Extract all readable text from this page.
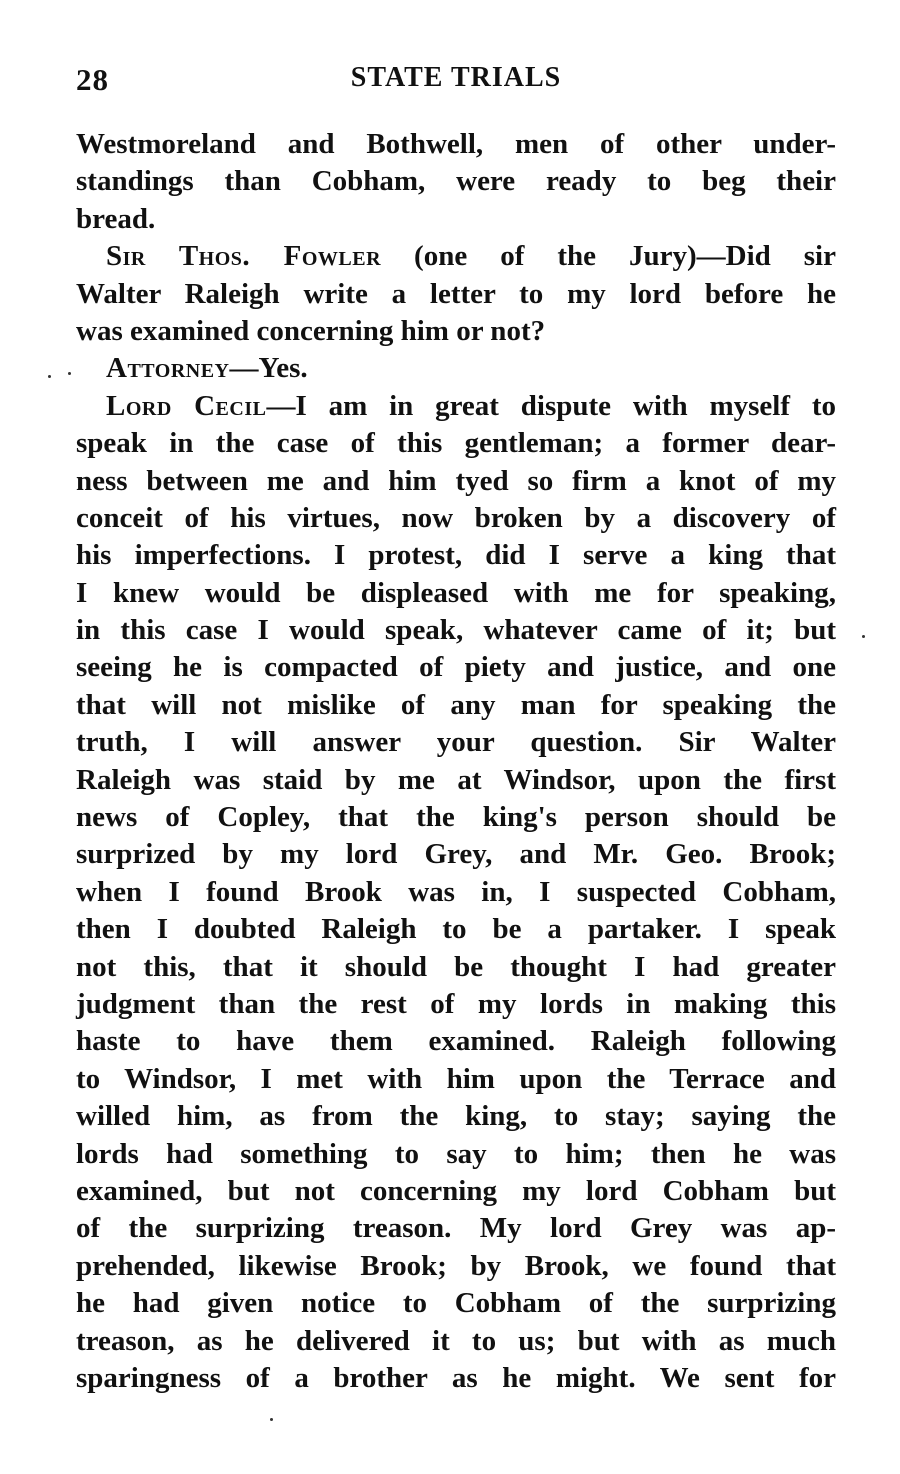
28	STATE TRIALS
Westmoreland and Bothwell, men of other under-
standings than Cobham, were ready to beg their
bread.
Sir Thos. Fowler (one of the Jury)—Did sir
Walter Raleigh write a letter to my lord before he
was examined concerning him or not?
Attorney—Yes.
Lord Cecil—I am in great dispute with myself to
speak in the case of this gentleman; a former dear-
ness between me and him tyed so firm a knot of my
conceit of his virtues, now broken by a discovery of
his imperfections. I protest, did I serve a king that
I knew would be displeased with me for speaking,
in this case I would speak, whatever came of it; but
seeing he is compacted of piety and justice, and one
that will not mislike of any man for speaking the
truth, I will answer your question. Sir Walter
Raleigh was staid by me at Windsor, upon the first
news of Copley, that the king's person should be
surprized by my lord Grey, and Mr. Geo. Brook;
when I found Brook was in, I suspected Cobham,
then I doubted Raleigh to be a partaker. I speak
not this, that it should be thought I had greater
judgment than the rest of my lords in making this
haste to have them examined. Raleigh following
to Windsor, I met with him upon the Terrace and
willed him, as from the king, to stay; saying the
lords had something to say to him; then he was
examined, but not concerning my lord Cobham but
of the surprizing treason. My lord Grey was ap-
prehended, likewise Brook; by Brook, we found that
he had given notice to Cobham of the surprizing
treason, as he delivered it to us; but with as much
sparingness of a brother as he might. We sent for
